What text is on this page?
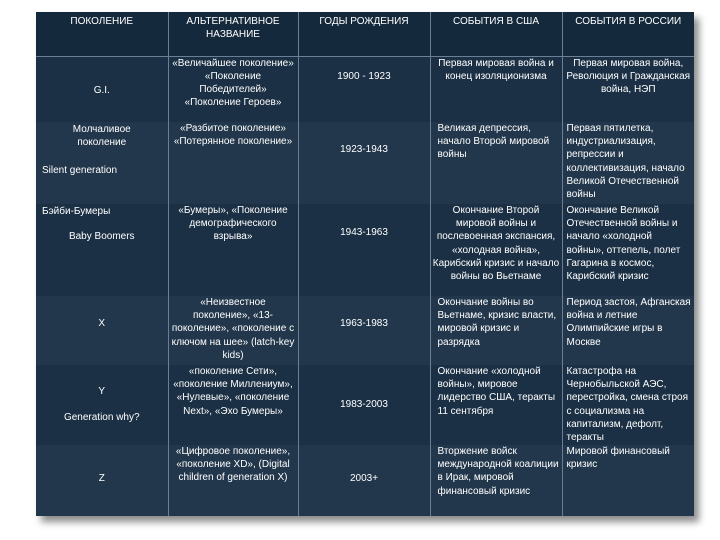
ПОКОЛЕНИЕ	АЛЬТЕРНАТИВНОЕ НАЗВАНИЕ	ГОДЫ РОЖДЕНИЯ	СОБЫТИЯ В США	СОБЫТИЯ В РОССИИ

G.I.	«Величайшее поколение» «Поколение Победителей» «Поколение Героев»	1900 - 1923	Первая мировая война и конец изоляционизма	Первая мировая война, Революция и Гражданская война, НЭП

Молчаливое поколение
Silent generation	«Разбитое поколение» «Потерянное поколение»	1923-1943	Великая депрессия, начало Второй мировой войны	Первая пятилетка, индустриализация, репрессии и коллективизация, начало Великой Отечественной войны

Бэйби-Бумеры
Baby Boomers	«Бумеры», «Поколение демографического взрыва»	1943-1963	Окончание Второй мировой войны и послевоенная экспансия, «холодная война», Карибский кризис и начало войны во Вьетнаме	Окончание Великой Отечественной войны и начало «холодной войны», оттепель, полет Гагарина в космос, Карибский кризис

X	«Неизвестное поколение», «13-поколение», «поколение с ключом на шее» (latch-key kids)	1963-1983	Окончание войны во Вьетнаме, кризис власти, мировой кризис и разрядка	Период застоя, Афганская война и летние Олимпийские игры в Москве

Y
Generation why?	«поколение Сети», «поколение Миллениум», «Нулевые», «поколение Next», «Эхо Бумеры»	1983-2003	Окончание «холодной войны», мировое лидерство США, теракты 11 сентября	Катастрофа на Чернобыльской АЭС, перестройка, смена строя с социализма на капитализм, дефолт, теракты

Z	«Цифровое поколение», «поколение XD», (Digital children of generation X)	2003+	Вторжение войск международной коалиции в Ирак, мировой финансовый кризис	Мировой финансовый кризис
